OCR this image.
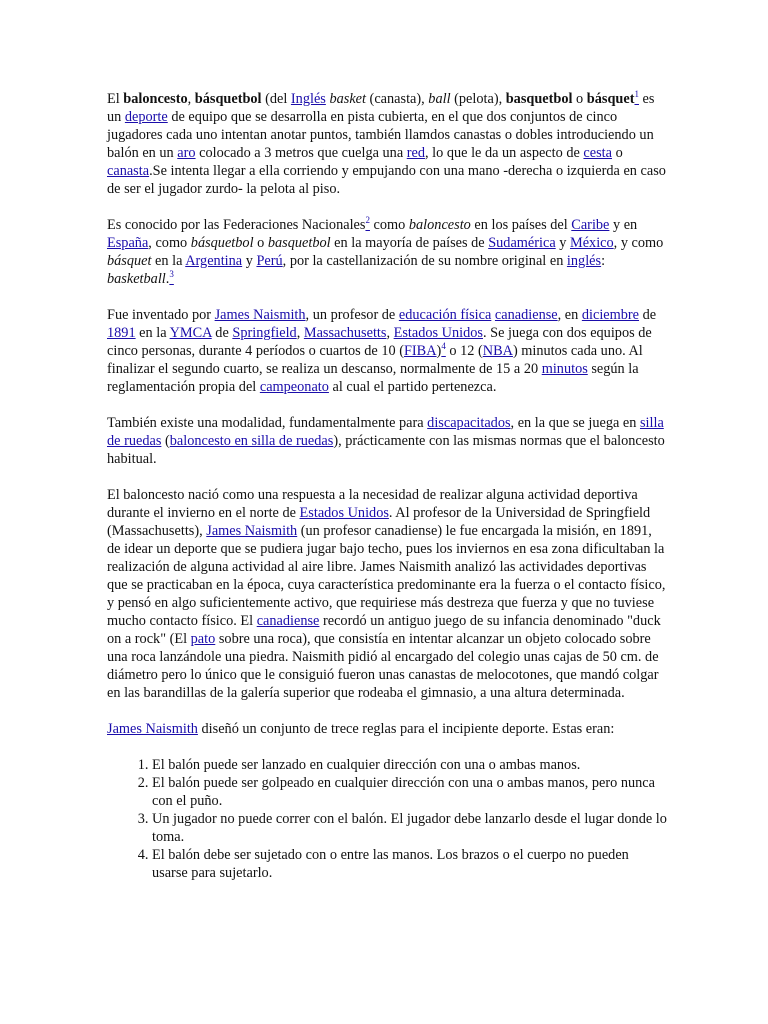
El baloncesto, básquetbol (del Inglés basket (canasta), ball (pelota), basquetbol o básquet$^1$ es un deporte de equipo que se desarrolla en pista cubierta, en el que dos conjuntos de cinco jugadores cada uno intentan anotar puntos, también llamdos canastas o dobles introduciendo un balón en un aro colocado a 3 metros que cuelga una red, lo que le da un aspecto de cesta o canasta.Se intenta llegar a ella corriendo y empujando con una mano -derecha o izquierda en caso de ser el jugador zurdo- la pelota al piso.

Es conocido por las Federaciones Nacionales$^2$ como baloncesto en los países del Caribe y en España, como básquetbol o basquetbol en la mayoría de países de Sudamérica y México, y como básquet en la Argentina y Perú, por la castellanización de su nombre original en inglés: basketball.$^3$

Fue inventado por James Naismith, un profesor de educación física canadiense, en diciembre de 1891 en la YMCA de Springfield, Massachusetts, Estados Unidos. Se juega con dos equipos de cinco personas, durante 4 períodos o cuartos de 10 (FIBA)$^4$ o 12 (NBA) minutos cada uno. Al finalizar el segundo cuarto, se realiza un descanso, normalmente de 15 a 20 minutos según la reglamentación propia del campeonato al cual el partido pertenezca.

También existe una modalidad, fundamentalmente para discapacitados, en la que se juega en silla de ruedas (baloncesto en silla de ruedas), prácticamente con las mismas normas que el baloncesto habitual.

El baloncesto nació como una respuesta a la necesidad de realizar alguna actividad deportiva durante el invierno en el norte de Estados Unidos. Al profesor de la Universidad de Springfield (Massachusetts), James Naismith (un profesor canadiense) le fue encargada la misión, en 1891, de idear un deporte que se pudiera jugar bajo techo, pues los inviernos en esa zona dificultaban la realización de alguna actividad al aire libre. James Naismith analizó las actividades deportivas que se practicaban en la época, cuya característica predominante era la fuerza o el contacto físico, y pensó en algo suficientemente activo, que requiriese más destreza que fuerza y que no tuviese mucho contacto físico. El canadiense recordó un antiguo juego de su infancia denominado "duck on a rock" (El pato sobre una roca), que consistía en intentar alcanzar un objeto colocado sobre una roca lanzándole una piedra. Naismith pidió al encargado del colegio unas cajas de 50 cm. de diámetro pero lo único que le consiguió fueron unas canastas de melocotones, que mandó colgar en las barandillas de la galería superior que rodeaba el gimnasio, a una altura determinada.

James Naismith diseñó un conjunto de trece reglas para el incipiente deporte. Estas eran:

1. El balón puede ser lanzado en cualquier dirección con una o ambas manos.
2. El balón puede ser golpeado en cualquier dirección con una o ambas manos, pero nunca con el puño.
3. Un jugador no puede correr con el balón. El jugador debe lanzarlo desde el lugar donde lo toma.
4. El balón debe ser sujetado con o entre las manos. Los brazos o el cuerpo no pueden usarse para sujetarlo.
